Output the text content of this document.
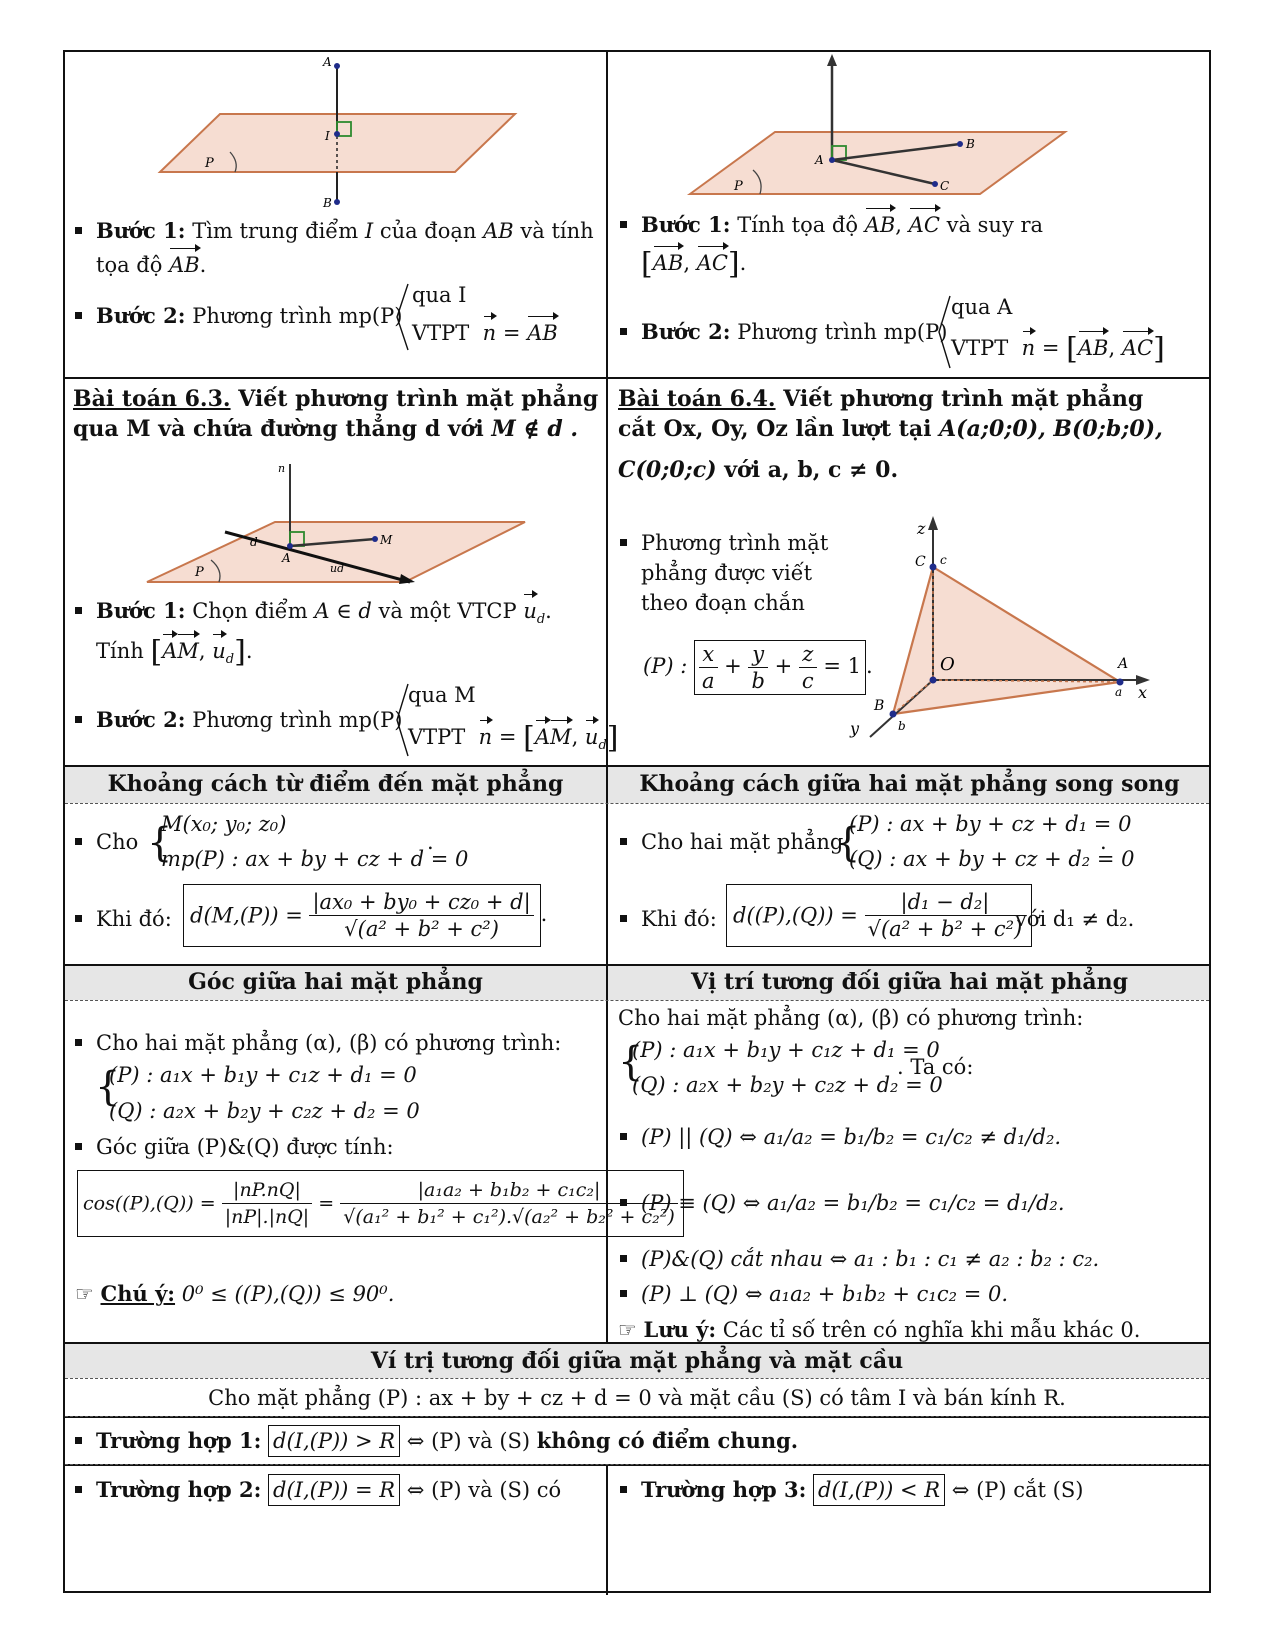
A
I
B
P
Bước 1: Tìm trung điểm I của đoạn AB và tính
tọa độ AB.
Bước 2: Phương trình mp(P)
qua I
VTPT n = AB
A
B
C
P
Bước 1: Tính tọa độ AB, AC và suy ra
[AB, AC].
Bước 2: Phương trình mp(P)
qua A
VTPT n = [AB, AC]
Bài toán 6.3. Viết phương trình mặt phẳng
qua M và chứa đường thẳng d với M ∉ d .
n
d
A
M
ud
P
Bước 1: Chọn điểm A ∈ d và một VTCP $u_d$.
Tính [AM, $u_d$].
Bước 2: Phương trình mp(P)
qua M
VTPT n = [AM, $u_d$]
Bài toán 6.4. Viết phương trình mặt phẳng
cắt Ox, Oy, Oz lần lượt tại A(a;0;0), B(0;b;0),
C(0;0;c) với a, b, c ≠ 0.
Phương trình mặt
phẳng được viết
theo đoạn chắn
(P) : $\frac{x}{a} + \frac{y}{b} + \frac{z}{c} = 1$ .
z
C c
O	A
a x
B
b
y
Khoảng cách từ điểm đến mặt phẳng	Khoảng cách giữa hai mặt phẳng song song
Cho {
M(x₀; y₀; z₀)
mp(P) : ax + by + cz + d = 0
.
Khi đó: $d(M,(P)) = \frac{\text{|ax₀ + by₀ + cz₀ + d|}}{\text{√(a² + b² + c²)}}$ .
Cho hai mặt phẳng
{
(P) : ax + by + cz + d₁ = 0
(Q) : ax + by + cz + d₂ = 0
.
Khi đó: $d((P),(Q)) = \frac{\text{|d₁ − d₂|}}{\text{√(a² + b² + c²)}}$
với d₁ ≠ d₂.
Góc giữa hai mặt phẳng	Vị trí tương đối giữa hai mặt phẳng
Cho hai mặt phẳng (α), (β) có phương trình:
{
(P) : a₁x + b₁y + c₁z + d₁ = 0
(Q) : a₂x + b₂y + c₂z + d₂ = 0
Góc giữa (P)&(Q) được tính:
$\cos((P),(Q)) = \frac{|nP.nQ|}{|nP|.|nQ|} = \frac{\text{|a₁a₂ + b₁b₂ + c₁c₂|}}{\text{√(a₁² + b₁² + c₁²).√(a₂² + b₂² + c₂²)}}$
☞ Chú ý: 0⁰ ≤ ((P),(Q)) ≤ 90⁰.
Cho hai mặt phẳng (α), (β) có phương trình:
{
(P) : a₁x + b₁y + c₁z + d₁ = 0
(Q) : a₂x + b₂y + c₂z + d₂ = 0
. Ta có:
(P) || (Q) ⇔ a₁/a₂ = b₁/b₂ = c₁/c₂ ≠ d₁/d₂.
(P) ≡ (Q) ⇔ a₁/a₂ = b₁/b₂ = c₁/c₂ = d₁/d₂.
(P)&(Q) cắt nhau ⇔ a₁ : b₁ : c₁ ≠ a₂ : b₂ : c₂.
(P) ⊥ (Q) ⇔ a₁a₂ + b₁b₂ + c₁c₂ = 0.
☞ Lưu ý: Các tỉ số trên có nghĩa khi mẫu khác 0.
Ví trị tương đối giữa mặt phẳng và mặt cầu
Cho mặt phẳng (P) : ax + by + cz + d = 0 và mặt cầu (S) có tâm I và bán kính R.
Trường hợp 1: d(I,(P)) > R ⇔ (P) và (S) không có điểm chung.
Trường hợp 2: d(I,(P)) = R ⇔ (P) và (S) có	Trường hợp 3: d(I,(P)) < R ⇔ (P) cắt (S)
